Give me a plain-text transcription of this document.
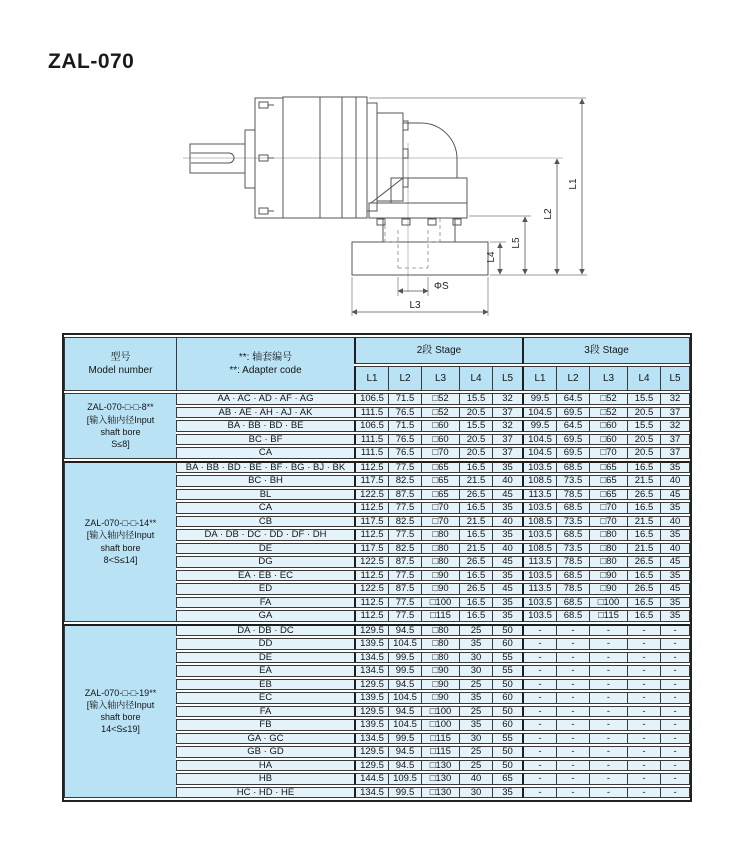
ZAL-070
L4
L5
L2
L1
ΦS
L3
型号
Model number

**: 轴套编号
**: Adapter code
	2段 Stage	3段 Stage
		L1	L2	L3	L4	L5	L1	L2	L3	L4	L5

ZAL-070-□-□-8**
[输入轴内径Input
shaft bore
S≤8]	AA · AC · AD · AF · AG	106.5	71.5	□52	15.5	32	99.5	64.5	□52	15.5	32
	AB · AE · AH · AJ · AK	111.5	76.5	□52	20.5	37	104.5	69.5	□52	20.5	37
	BA · BB · BD · BE	106.5	71.5	□60	15.5	32	99.5	64.5	□60	15.5	32
	BC · BF	111.5	76.5	□60	20.5	37	104.5	69.5	□60	20.5	37
	CA	111.5	76.5	□70	20.5	37	104.5	69.5	□70	20.5	37

ZAL-070-□-□-14**
[输入轴内径Input
shaft bore
8<S≤14]	BA · BB · BD · BE · BF · BG · BJ · BK	112.5	77.5	□65	16.5	35	103.5	68.5	□65	16.5	35
	BC · BH	117.5	82.5	□65	21.5	40	108.5	73.5	□65	21.5	40
	BL	122.5	87.5	□65	26.5	45	113.5	78.5	□65	26.5	45
	CA	112.5	77.5	□70	16.5	35	103.5	68.5	□70	16.5	35
	CB	117.5	82.5	□70	21.5	40	108.5	73.5	□70	21.5	40
	DA · DB · DC · DD · DF · DH	112.5	77.5	□80	16.5	35	103.5	68.5	□80	16.5	35
	DE	117.5	82.5	□80	21.5	40	108.5	73.5	□80	21.5	40
	DG	122.5	87.5	□80	26.5	45	113.5	78.5	□80	26.5	45
	EA · EB · EC	112.5	77.5	□90	16.5	35	103.5	68.5	□90	16.5	35
	ED	122.5	87.5	□90	26.5	45	113.5	78.5	□90	26.5	45
	FA	112.5	77.5	□100	16.5	35	103.5	68.5	□100	16.5	35
	GA	112.5	77.5	□115	16.5	35	103.5	68.5	□115	16.5	35

ZAL-070-□-□-19**
[输入轴内径Input
shaft bore
14<S≤19]	DA · DB · DC	129.5	94.5	□80	25	50	-	-	-	-	-
	DD	139.5	104.5	□80	35	60	-	-	-	-	-
	DE	134.5	99.5	□80	30	55	-	-	-	-	-
	EA	134.5	99.5	□90	30	55	-	-	-	-	-
	EB	129.5	94.5	□90	25	50	-	-	-	-	-
	EC	139.5	104.5	□90	35	60	-	-	-	-	-
	FA	129.5	94.5	□100	25	50	-	-	-	-	-
	FB	139.5	104.5	□100	35	60	-	-	-	-	-
	GA · GC	134.5	99.5	□115	30	55	-	-	-	-	-
	GB · GD	129.5	94.5	□115	25	50	-	-	-	-	-
	HA	129.5	94.5	□130	25	50	-	-	-	-	-
	HB	144.5	109.5	□130	40	65	-	-	-	-	-
	HC · HD · HE	134.5	99.5	□130	30	35	-	-	-	-	-
